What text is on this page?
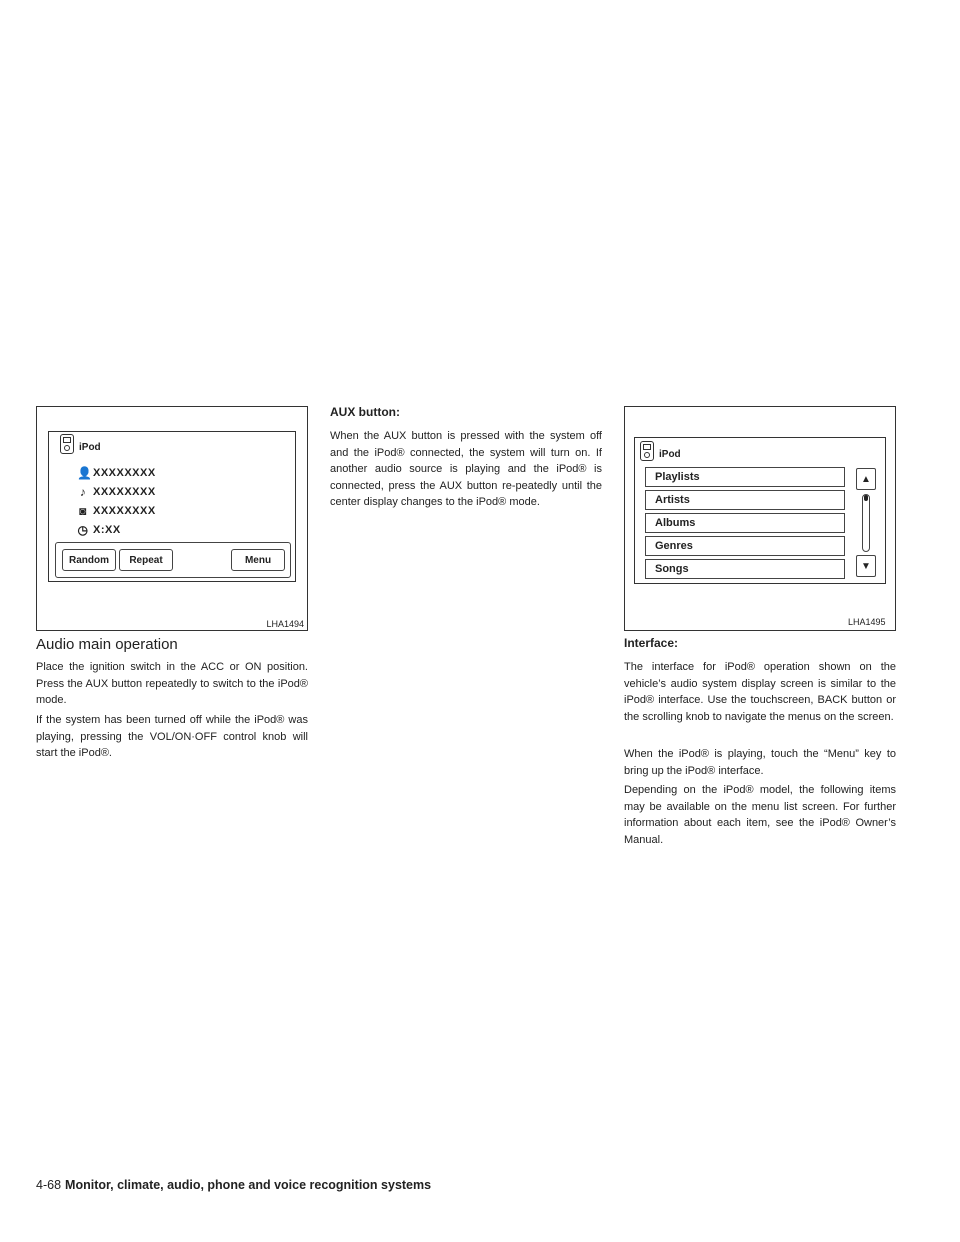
iPod
👤 XXXXXXXX
♪ XXXXXXXX
◙ XXXXXXXX
◷ X:XX
Random	Repeat	Menu
LHA1494
Audio main operation

Place the ignition switch in the ACC or ON position. Press the AUX button repeatedly to switch to the iPod® mode.

If the system has been turned off while the iPod® was playing, pressing the VOL/ON·OFF control knob will start the iPod®.

AUX button:

When the AUX button is pressed with the system off and the iPod® connected, the system will turn on. If another audio source is playing and the iPod® is connected, press the AUX button re-peatedly until the center display changes to the iPod® mode.

iPod
Playlists
Artists
Albums
Genres
Songs
▲
▼
LHA1495
Interface:

The interface for iPod® operation shown on the vehicle’s audio system display screen is similar to the iPod® interface. Use the touchscreen, BACK button or the scrolling knob to navigate the menus on the screen.

When the iPod® is playing, touch the “Menu” key to bring up the iPod® interface.

Depending on the iPod® model, the following items may be available on the menu list screen. For further information about each item, see the iPod® Owner’s Manual.

4-68 Monitor, climate, audio, phone and voice recognition systems
